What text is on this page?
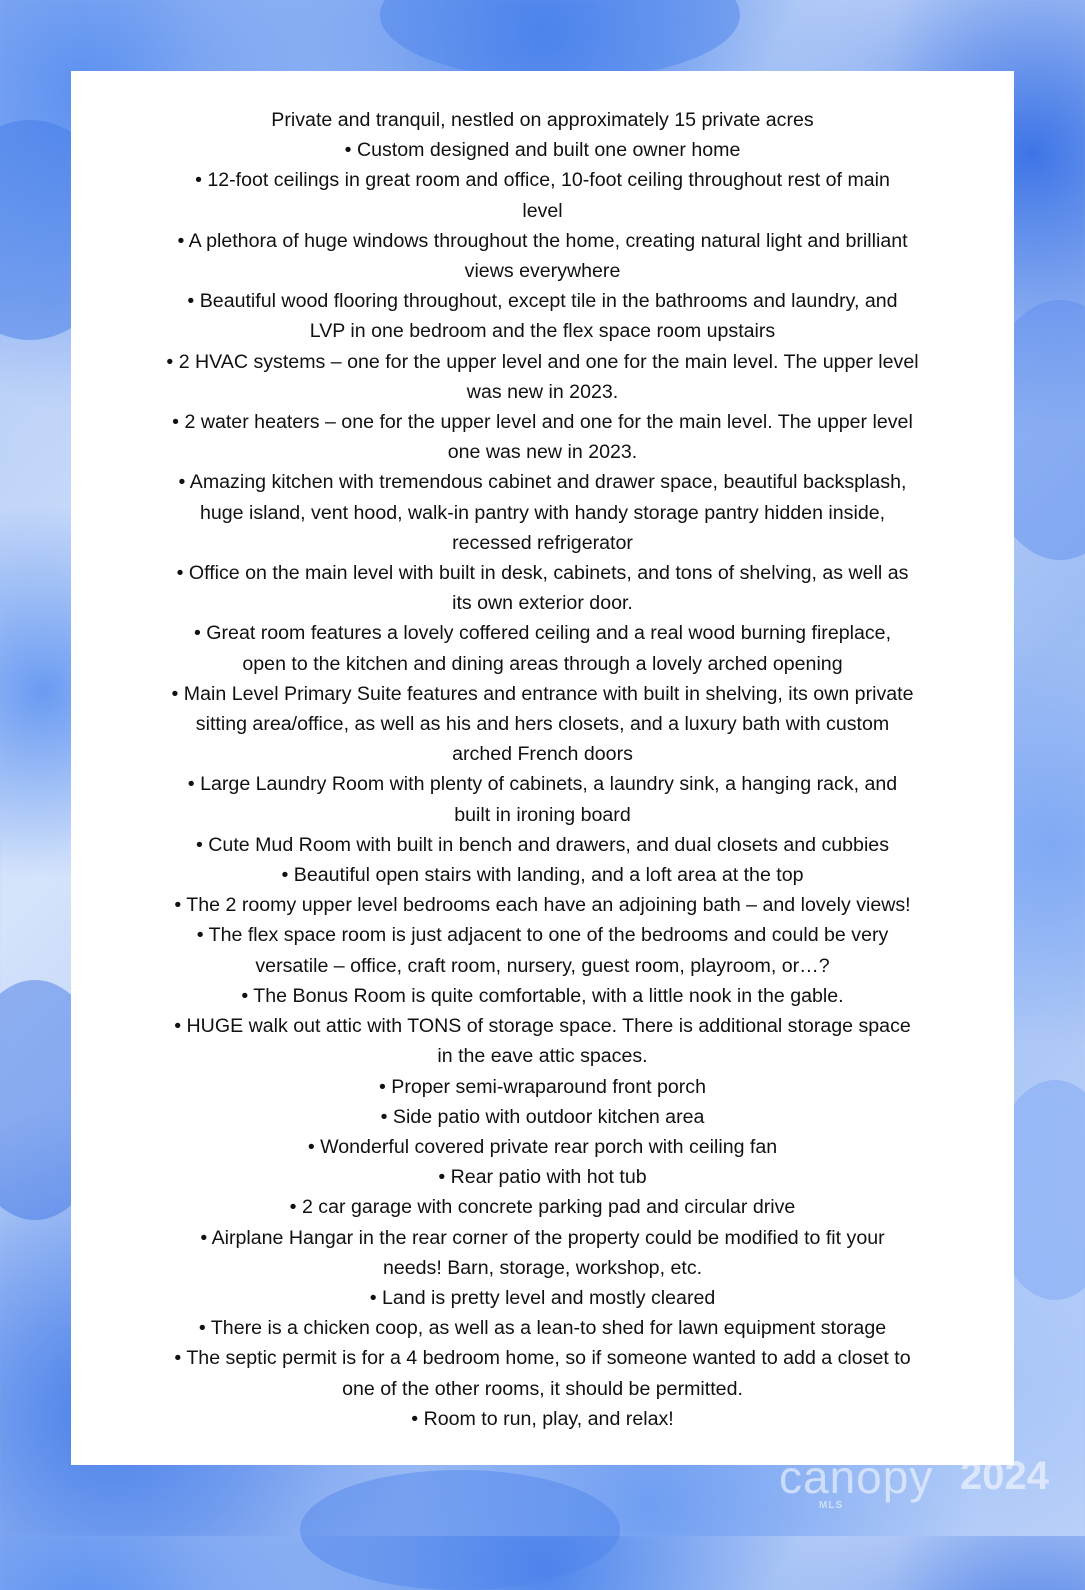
Private and tranquil, nestled on approximately 15 private acres

• Custom designed and built one owner home

• 12-foot ceilings in great room and office, 10-foot ceiling throughout rest of main

level

• A plethora of huge windows throughout the home, creating natural light and brilliant

views everywhere

• Beautiful wood flooring throughout, except tile in the bathrooms and laundry, and

LVP in one bedroom and the flex space room upstairs

• 2 HVAC systems – one for the upper level and one for the main level. The upper level

was new in 2023.

• 2 water heaters – one for the upper level and one for the main level. The upper level

one was new in 2023.

• Amazing kitchen with tremendous cabinet and drawer space, beautiful backsplash,

huge island, vent hood, walk-in pantry with handy storage pantry hidden inside,

recessed refrigerator

• Office on the main level with built in desk, cabinets, and tons of shelving, as well as

its own exterior door.

• Great room features a lovely coffered ceiling and a real wood burning fireplace,

open to the kitchen and dining areas through a lovely arched opening

• Main Level Primary Suite features and entrance with built in shelving, its own private

sitting area/office, as well as his and hers closets, and a luxury bath with custom

arched French doors

• Large Laundry Room with plenty of cabinets, a laundry sink, a hanging rack, and

built in ironing board

• Cute Mud Room with built in bench and drawers, and dual closets and cubbies

• Beautiful open stairs with landing, and a loft area at the top

• The 2 roomy upper level bedrooms each have an adjoining bath – and lovely views!

• The flex space room is just adjacent to one of the bedrooms and could be very

versatile – office, craft room, nursery, guest room, playroom, or…?

• The Bonus Room is quite comfortable, with a little nook in the gable.

• HUGE walk out attic with TONS of storage space. There is additional storage space

in the eave attic spaces.

• Proper semi-wraparound front porch

• Side patio with outdoor kitchen area

• Wonderful covered private rear porch with ceiling fan

• Rear patio with hot tub

• 2 car garage with concrete parking pad and circular drive

• Airplane Hangar in the rear corner of the property could be modified to fit your

needs! Barn, storage, workshop, etc.

• Land is pretty level and mostly cleared

• There is a chicken coop, as well as a lean-to shed for lawn equipment storage

• The septic permit is for a 4 bedroom home, so if someone wanted to add a closet to

one of the other rooms, it should be permitted.

• Room to run, play, and relax!	For Sale
canopy 2024
MLS
